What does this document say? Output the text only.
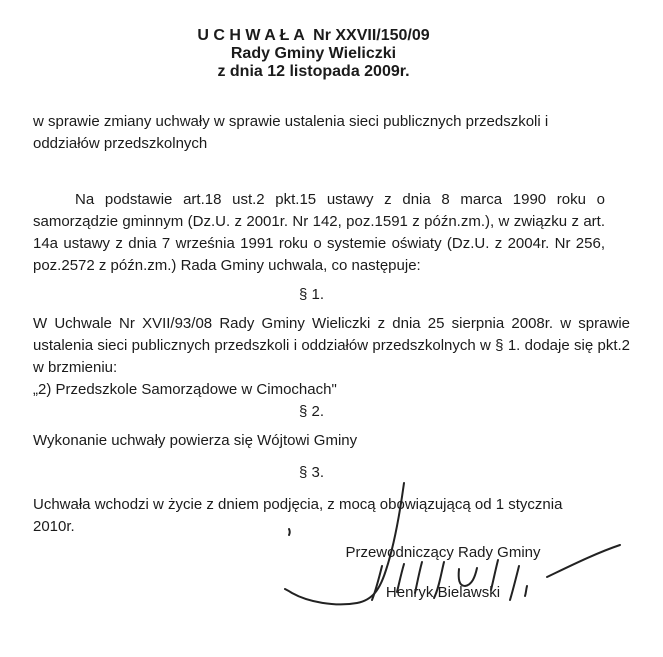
U C H W A Ł A  Nr XXVII/150/09
Rady Gminy Wieliczki
z dnia 12 listopada 2009r.
w sprawie zmiany uchwały w sprawie ustalenia sieci publicznych przedszkoli i oddziałów przedszkolnych
Na podstawie art.18 ust.2 pkt.15 ustawy z dnia 8 marca 1990 roku o samorządzie gminnym (Dz.U. z 2001r. Nr 142, poz.1591 z późn.zm.), w związku z art. 14a ustawy z dnia 7 września 1991 roku o systemie oświaty (Dz.U. z 2004r. Nr 256, poz.2572 z późn.zm.) Rada Gminy uchwala, co następuje:
§ 1.
W Uchwale Nr XVII/93/08 Rady Gminy Wieliczki z dnia 25 sierpnia 2008r. w sprawie ustalenia sieci publicznych przedszkoli i oddziałów przedszkolnych w § 1. dodaje się pkt.2 w brzmieniu:
„2) Przedszkole Samorządowe w Cimochach"
§ 2.
Wykonanie uchwały powierza się Wójtowi Gminy
§ 3.
Uchwała wchodzi w życie z dniem podjęcia, z mocą obowiązującą od 1 stycznia 2010r.
Przewodniczący Rady Gminy
Henryk Bielawski
